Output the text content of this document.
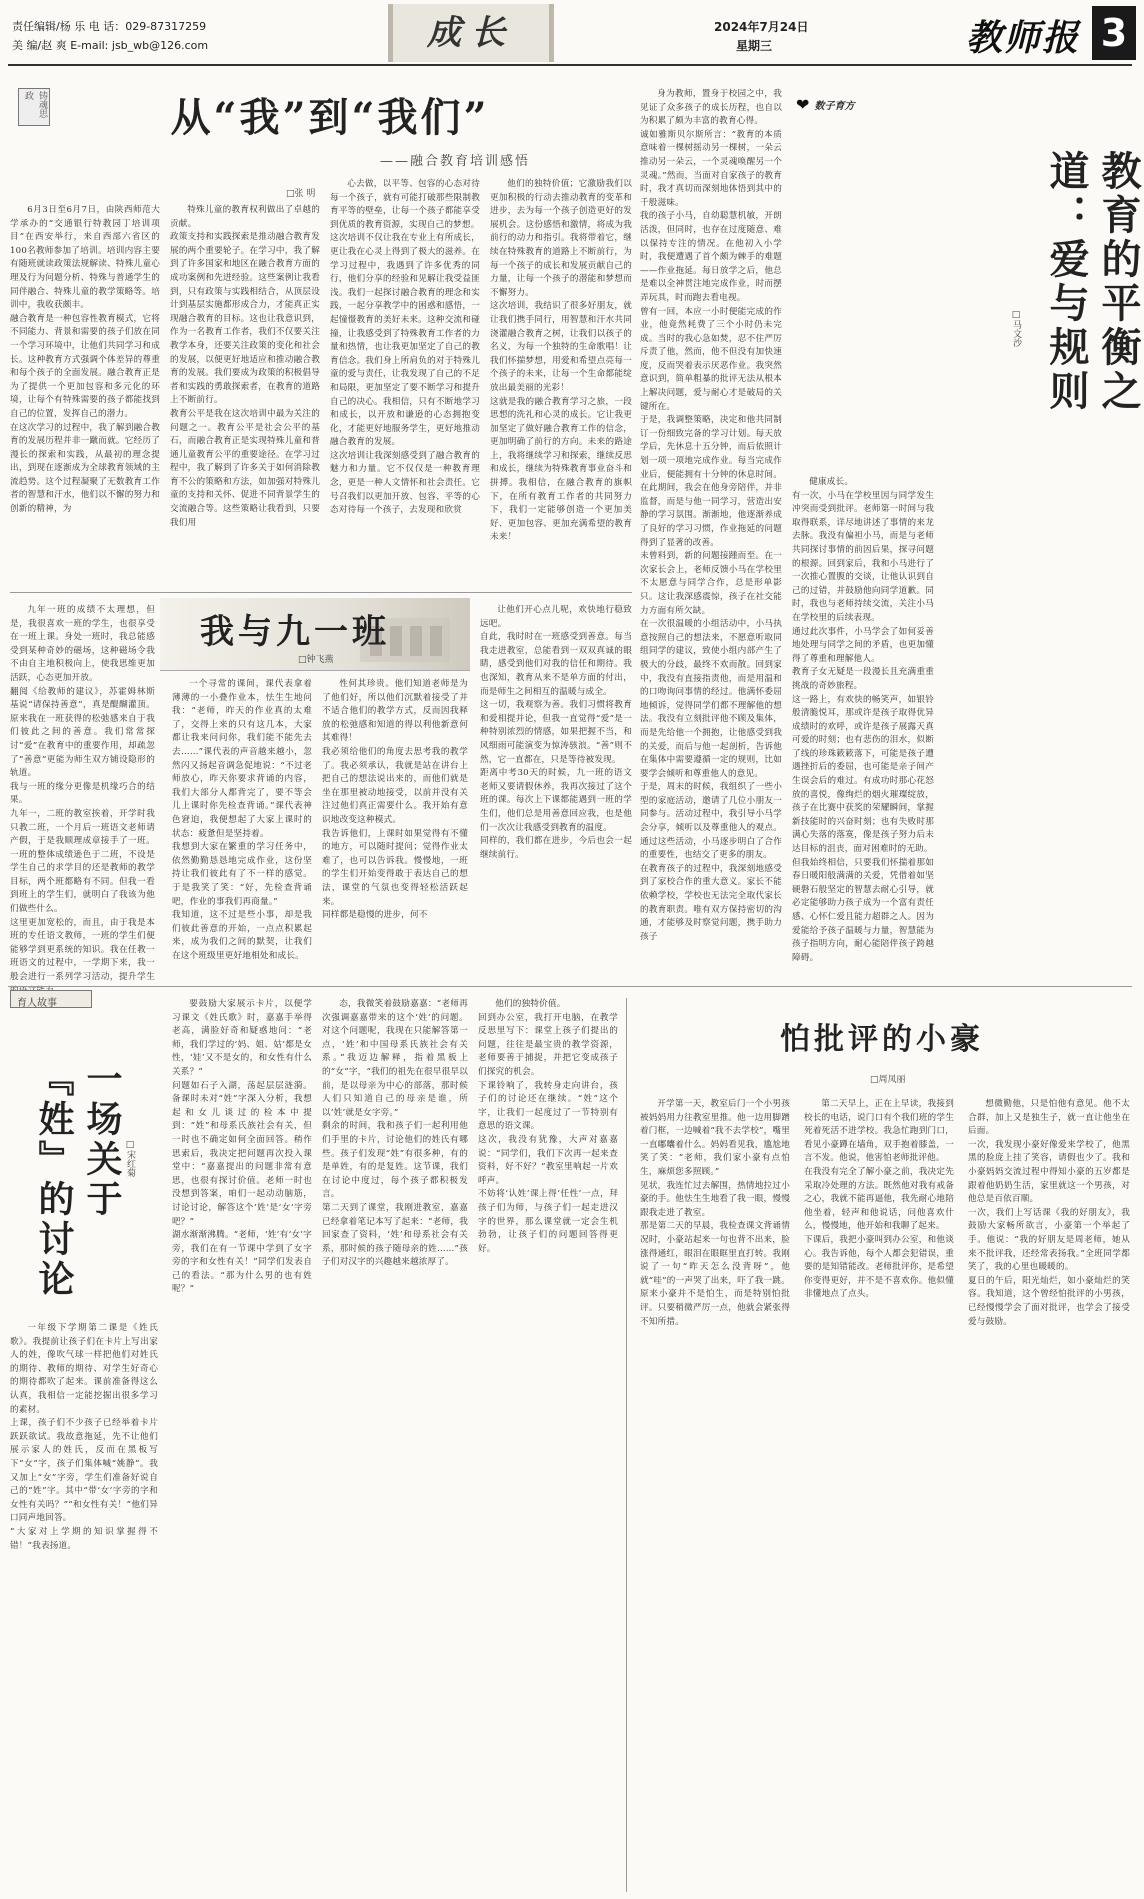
责任编辑/杨 乐 电 话：029-87317259
美 编/赵 爽 E-mail: jsb_wb@126.com	成长	2024年7月24日
星期三	教师报 3
铸魂思政	从“我”到“我们”
——融合教育培训感悟
□张 明

6月3日至6月7日，由陕西师范大学承办的“交通银行特教园丁培训项目”在西安举行，来自西部六省区的100名教师参加了培训。培训内容主要有随班就读政策法规解读、特殊儿童心理及行为问题分析、特殊与普通学生的同伴融合、特殊儿童的教学策略等。培训中，我收获颇丰。
融合教育是一种包容性教育模式，它将不同能力、背景和需要的孩子们放在同一个学习环境中，让他们共同学习和成长。这种教育方式强调个体差异的尊重和每个孩子的全面发展。融合教育正是为了提供一个更加包容和多元化的环境，让每个有特殊需要的孩子都能找到自己的位置，发挥自己的潜力。
在这次学习的过程中，我了解到融合教育的发展历程并非一蹴而就。它经历了漫长的探索和实践，从最初的理念提出，到现在逐渐成为全球教育领域的主流趋势。这个过程凝聚了无数教育工作者的智慧和汗水，他们以不懈的努力和创新的精神，为

特殊儿童的教育权利做出了卓越的贡献。
政策支持和实践探索是推动融合教育发展的两个重要轮子。在学习中，我了解到了许多国家和地区在融合教育方面的成功案例和先进经验。这些案例让我看到，只有政策与实践相结合，从顶层设计到基层实施都形成合力，才能真正实现融合教育的目标。这也让我意识到，作为一名教育工作者，我们不仅要关注教学本身，还要关注政策的变化和社会的发展，以便更好地适应和推动融合教育的发展。我们要成为政策的积极倡导者和实践的勇敢探索者，在教育的道路上不断前行。
教育公平是我在这次培训中最为关注的问题之一。教育公平是社会公平的基石，而融合教育正是实现特殊儿童和普通儿童教育公平的重要途径。在学习过程中，我了解到了许多关于如何消除教育不公的策略和方法，如加强对特殊儿童的支持和关怀、促进不同背景学生的交流融合等。这些策略让我看到，只要我们用

心去做，以平等、包容的心态对待每一个孩子，就有可能打破那些限制教育平等的壁垒，让每一个孩子都能享受到优质的教育资源，实现自己的梦想。
这次培训不仅让我在专业上有所成长，更让我在心灵上得到了极大的滋养。在学习过程中，我遇到了许多优秀的同行，他们分享的经验和见解让我受益匪浅。我们一起探讨融合教育的理念和实践，一起分享教学中的困惑和感悟，一起憧憬教育的美好未来。这种交流和碰撞，让我感受到了特殊教育工作者的力量和热情，也让我更加坚定了自己的教育信念。我们身上所肩负的对于特殊儿童的爱与责任，让我发现了自己的不足和局限，更加坚定了要不断学习和提升自己的决心。我相信，只有不断地学习和成长，以开放和谦逊的心态拥抱变化，才能更好地服务学生，更好地推动融合教育的发展。
这次培训让我深刻感受到了融合教育的魅力和力量。它不仅仅是一种教育理念，更是一种人文情怀和社会责任。它号召我们以更加开放、包容、平等的心态对待每一个孩子，去发现和欣赏

他们的独特价值；它激励我们以更加积极的行动去推动教育的变革和进步，去为每一个孩子创造更好的发展机会。这份感悟和激情，将成为我前行的动力和指引。我将带着它，继续在特殊教育的道路上不断前行，为每一个孩子的成长和发展贡献自己的力量，让每一个孩子的潜能和梦想而不懈努力。
这次培训，我结识了很多好朋友，就让我们携手同行，用智慧和汗水共同浇灌融合教育之树，让我们以孩子的名义，为每一个独特的生命歌唱！让我们怀揣梦想，用爱和希望点亮每一个孩子的未来，让每一个生命都能绽放出最美丽的光彩！
这就是我的融合教育学习之旅，一段思想的洗礼和心灵的成长。它让我更加坚定了做好融合教育工作的信念，更加明确了前行的方向。未来的路途上，我将继续学习和探索，继续反思和成长，继续为特殊教育事业奋斗和拼搏。我相信，在融合教育的旗帜下，在所有教育工作者的共同努力下，我们一定能够创造一个更加美好、更加包容、更加充满希望的教育未来！

我与九一班
□钟飞燕

九年一班的成绩不太理想，但是，我很喜欢一班的学生，也很享受在一班上课。身处一班时，我总能感受到某种奇妙的磁场，这种磁场令我不由自主地积极向上，使我思维更加活跃，心态更加开放。
翻阅《给教师的建议》，苏霍姆林斯基说“请保持善意”，真是醍醐灌顶。原来我在一班获得的松弛感来自于我们彼此之间的善意。我们常常探讨“爱”在教育中的重要作用，却疏忽了“善意”更能为师生双方铺设隐形的轨道。
我与一班的缘分更像是机缘巧合的结果。
九年一，二班的教室挨着，开学时我只教二班，一个月后一班语文老师请产假，于是我顺理成章接手了一班。一班的整体成绩逊色于二班，不设是学生自己的求学目的还是教师的教学目标，两个班都略有不同。但我一看到班上的学生们，就明白了我该为他们做些什么。
这里更加宽松的，而且，由于我是本班的专任语文教师，一班的学生们便能够学到更系统的知识。我在任教一班语文的过程中，一学期下来，我一般会进行一系列学习活动，提升学生

一个寻常的课间，课代表拿着薄薄的一小叠作业本，怯生生地问我：“老师，昨天的作业真的太难了，交得上来的只有这几本，大家都让我来问问你，我们能不能先去去……”课代表的声音越来越小，忽然闪又扬起音调急促地说：“不过老师放心，昨天你要求背诵的内容，我们大部分人都背完了，要不等会儿上课时你先检查背诵。”课代表神色窘迫，我便想起了大家上课时的状态：疲惫但是坚持着。
我想到大家在繁重的学习任务中，依然勤勤恳恳地完成作业，这份坚持让我们彼此有了不一样的感觉。于是我笑了笑：“好，先检查背诵吧，作业的事我们再商量。”
我知道，这不过是些小事，却是我们彼此善意的开始，一点点积累起来，成为我们之间的默契，让我们在这个班级里更好地相处和成长。

性何其珍贵。他们知道老师是为了他们好，所以他们沉默着接受了并不适合他们的教学方式，反而因我释放的松弛感和知道的得以利他新意何其难得！
我必须给他们的角度去思考我的教学了。我必须承认，我就是站在讲台上把自己的想法说出来的，而他们就是坐在那里被动地接受，以前并没有关注过他们真正需要什么。我开始有意识地改变这种模式。
我告诉他们，上课时如果觉得有不懂的地方，可以随时提问；觉得作业太难了，也可以告诉我。慢慢地，一班的学生们开始变得敢于表达自己的想法，课堂的气氛也变得轻松活跃起来。
同样都是稳慢的进步，何不

让他们开心点儿呢，欢快地行稳致远吧。
自此，我时时在一班感受到善意。每当我走进教室，总能看到一双双真诚的眼睛，感受到他们对我的信任和期待。我也深知，教育从来不是单方面的付出，而是师生之间相互的温暖与成全。
这一切，我观察为善。我们习惯将教育和爱相提并论，但我一直觉得“爱”是一种特别浓烈的情感，如果把握不当，和风细雨可能演变为惊涛骇浪。“善”则不然，它一直都在，只是等待被发现。
距离中考30天的时候，九一班的语文老师又要请假休养，我再次接过了这个班的课。每次上下课都能遇到一班的学生们，他们总是用善意回应我，也是他们一次次让我感受到教育的温度。
同样的，我们都在进步，今后也会一起继续前行。

身为教师，置身于校园之中，我见证了众多孩子的成长历程，也自以为积累了颇为丰富的教育心得。
诚如雅斯贝尔斯所言：“教育的本质意味着一棵树摇动另一棵树，一朵云推动另一朵云，一个灵魂唤醒另一个灵魂。”然而，当面对自家孩子的教育时，我才真切而深刻地体悟到其中的千般滋味。
我的孩子小马，自幼聪慧机敏，开朗活泼，但同时，也存在过度随意、难以保持专注的情况。在他初入小学时，我便遭遇了首个颇为棘手的难题——作业拖延。每日放学之后，他总是难以全神贯注地完成作业，时而摆弄玩具，时而跑去看电视。
曾有一回，本应一小时便能完成的作业，他竟然耗费了三个小时仍未完成。当时的我心急如焚，忍不住严厉斥责了他，然而，他不但没有加快速度，反而哭着表示厌恶作业。我突然意识到，简单粗暴的批评无法从根本上解决问题，爱与耐心才是破局的关键所在。
于是，我调整策略，决定和他共同制订一份细致完备的学习计划。每天放学后，先休息十五分钟，而后依照计划一项一项地完成作业。每当完成作业后，便能拥有十分钟的休息时间。在此期间，我会在他身旁陪伴，并非监督，而是与他一同学习，营造出安静的学习氛围。渐渐地，他逐渐养成了良好的学习习惯，作业拖延的问题得到了显著的改善。
未曾料到，新的问题接踵而至。在一次家长会上，老师反馈小马在学校里不太愿意与同学合作，总是形单影只。这让我深感震惊，孩子在社交能力方面有所欠缺。
在一次很温暖的小组活动中，小马执意按照自己的想法来，不愿意听取同组同学的建议，致使小组内部产生了极大的分歧，最终不欢而散。回到家中，我没有直接指责他，而是用温和的口吻询问事情的经过。他满怀委屈地倾诉，觉得同学们都不理解他的想法。我没有立刻批评他不顾及集体，而是先给他一个拥抱，让他感受到我的关爱，而后与他一起剖析，告诉他在集体中需要遵循一定的规则，比如要学会倾听和尊重他人的意见。
于是，周末的时候，我组织了一些小型的家庭活动，邀请了几位小朋友一同参与。活动过程中，我引导小马学会分享，倾听以及尊重他人的观点。通过这些活动，小马逐步明白了合作的重要性，也结交了更多的朋友。
在教育孩子的过程中，我深刻地感受到了家校合作的重大意义。家长不能依赖学校，学校也无法完全取代家长的教育职责。唯有双方保持密切的沟通，才能够及时察觉问题，携手助力孩子

❤ 数子育方
教育的平衡之道：爱与规则
□马文沙

健康成长。
有一次，小马在学校里因与同学发生冲突而受到批评。老师第一时间与我取得联系，详尽地讲述了事情的来龙去脉。我没有偏袒小马，而是与老师共同探讨事情的前因后果，探寻问题的根源。回到家后，我和小马进行了一次推心置腹的交谈，让他认识到自己的过错，并鼓励他向同学道歉。同时，我也与老师持续交流，关注小马在学校里的后续表现。
通过此次事件，小马学会了如何妥善地处理与同学之间的矛盾，也更加懂得了尊重和理解他人。
教育子女无疑是一段漫长且充满重重挑战的奇妙旅程。
这一路上，有欢快的畅笑声，如银铃般清脆悦耳，那或许是孩子取得优异成绩时的欢呼，或许是孩子展露天真可爱的时刻；也有悲伤的泪水，似断了线的珍珠簌簌落下，可能是孩子遭遇挫折后的委屈，也可能是亲子间产生误会后的难过。有成功时那心花怒放的喜悦，像绚烂的烟火璀璨绽放，孩子在比赛中获奖的荣耀瞬间，掌握新技能时的兴奋时刻；也有失败时那满心失落的落寞，像是孩子努力后未达目标的沮丧，面对困难时的无助。
但我始终相信，只要我们怀揣着那如春日暖阳般满满的关爱，凭借着如坚硬磐石般坚定的智慧去耐心引导，就必定能够助力孩子成为一个富有责任感、心怀仁爱且能力超群之人。因为爱能给予孩子温暖与力量，智慧能为孩子指明方向，耐心能陪伴孩子跨越障碍。

育人故事
一场关于『姓』的讨论	□宋红菊

一年级下学期第二课是《姓氏歌》。我提前让孩子们在卡片上写出家人的姓，像吹气球一样把他们对姓氏的期待、教师的期待、对学生好奇心的期待都吹了起来。课前准备得这么认真，我相信一定能挖掘出很多学习的素材。
上课，孩子们不少孩子已经举着卡片跃跃欲试。我故意拖延，先不让他们展示家人的姓氏，反而在黑板写下“女”字，孩子们集体喊“姚静”。我又加上“女”字旁，学生们准备好说自己的“姓”字。其中“带‘女’字旁的字和女性有关吗？”“和女性有关！”他们异口同声地回答。
“大家对上学期的知识掌握得不错！”我表扬道。

要鼓励大家展示卡片，以便学习课文《姓氏歌》时，嘉嘉手举得老高，满脸好奇和疑惑地问：“老师，我们学过的‘妈、姐、姑’都是女性，‘娃’又不是女的，和女性有什么关系？”
问题如石子入湖，荡起层层涟漪。备课时未对“姓”字深入分析，我想起和女儿谈过的检本中提到：“姓”和母系氏族社会有关，但一时也不确定如何全面回答。稍作思索后，我决定把问题再次投入课堂中：“嘉嘉提出的问题非常有意思，也很有探讨价值。老师一时也没想到答案，咱们一起动动脑筋，讨论讨论，解答这个‘姓’是‘女’字旁吧？”
湖水渐渐沸腾。“老师，‘姓’有‘女’字旁，我们在有一节课中学到了女字旁的字和女性有关！”同学们发表自己的看法。“那为什么男的也有姓呢？”

态，我微笑着鼓励嘉嘉：“老师再次强调嘉嘉带来的这个‘姓’的问题。对这个问题呢，我现在只能解答第一点，‘姓’和中国母系氏族社会有关系。”我迈边解释，指着黑板上的“女”字，“我们的祖先在很早很早以前，是以母亲为中心的部落，那时候人们只知道自己的母亲是谁，所以‘姓’就是女字旁。”
剩余的时间，我和孩子们一起利用他们手里的卡片，讨论他们的姓氏有哪些。孩子们发现“姓”有很多种，有的是单姓，有的是复姓。这节课，我们在讨论中度过，每个孩子都积极发言。
第二天到了课堂，我刚进教室，嘉嘉已经拿着笔记本写了起来：“老师，我回家查了资料，‘姓’和母系社会有关系，那时候的孩子随母亲的姓……”孩子们对汉字的兴趣越来越浓厚了。

他们的独特价值。
回到办公室，我打开电脑，在教学反思里写下：课堂上孩子们提出的问题，往往是最宝贵的教学资源，老师要善于捕捉，并把它变成孩子们探究的机会。
下课铃响了，我转身走向讲台，孩子们的讨论还在继续。“姓”这个字，让我们一起度过了一节特别有意思的语文课。
这次，我没有犹豫，大声对嘉嘉说：“同学们，我们下次再一起来查资料，好不好？”教室里响起一片欢呼声。
不妨将‘认姓’课上得‘任性’一点，拜孩子们为师，与孩子们一起走进汉字的世界，那么课堂就一定会生机勃勃，让孩子们的问题回答得更好。

怕批评的小豪
□周凤丽

开学第一天，教室后门一个小男孩被妈妈用力往教室里推。他一边用脚蹭着门框，一边喊着“我不去学校”，嘴里一直嘟囔着什么。妈妈看见我，尴尬地笑了笑：“老师，我们家小豪有点怕生，麻烦您多照顾。”
见状，我连忙过去解围，热情地拉过小豪的手。他怯生生地看了我一眼，慢慢跟我走进了教室。
那是第二天的早晨，我检查课文背诵情况时，小豪站起来一句也背不出来，脸涨得通红，眼泪在眼眶里直打转。我刚说了一句“昨天怎么没背呀”，他就“哇”的一声哭了出来，吓了我一跳。
原来小豪并不是怕生，而是特别怕批评。只要稍微严厉一点，他就会紧张得不知所措。

第二天早上，正在上早读，我接到校长的电话，说门口有个我们班的学生死着死活不进学校。我急忙跑到门口，看见小豪蹲在墙角，双手抱着膝盖，一言不发。他说，他害怕老师批评他。
在我没有完全了解小豪之前，我决定先采取冷处理的方法。既然他对我有戒备之心，我就不能再逼他，我先耐心地陪他坐着，轻声和他说话，问他喜欢什么，慢慢地，他开始和我聊了起来。
下课后，我把小豪叫到办公室，和他谈心。我告诉他，每个人都会犯错误，重要的是知错能改。老师批评你，是希望你变得更好，并不是不喜欢你。他似懂非懂地点了点头。

想微勤他，只是怕他有意见。他不太合群，加上又是独生子，就一直让他坐在后面。
一次，我发现小豪好像爱来学校了，他黑黑的脸庞上挂了笑容，请假也少了。我和小豪妈妈交流过程中得知小豪的五岁都是跟着他奶奶生活，家里就这一个男孩，对他总是百依百顺。
一次，我们上写话课《我的好朋友》，我鼓励大家畅所欲言，小豪第一个举起了手。他说：“我的好朋友是周老师，她从来不批评我，还经常表扬我。”全班同学都笑了，我的心里也暖暖的。
夏日的午后，阳光灿烂，如小豪灿烂的笑容。我知道，这个曾经怕批评的小男孩，已经慢慢学会了面对批评，也学会了接受爱与鼓励。
